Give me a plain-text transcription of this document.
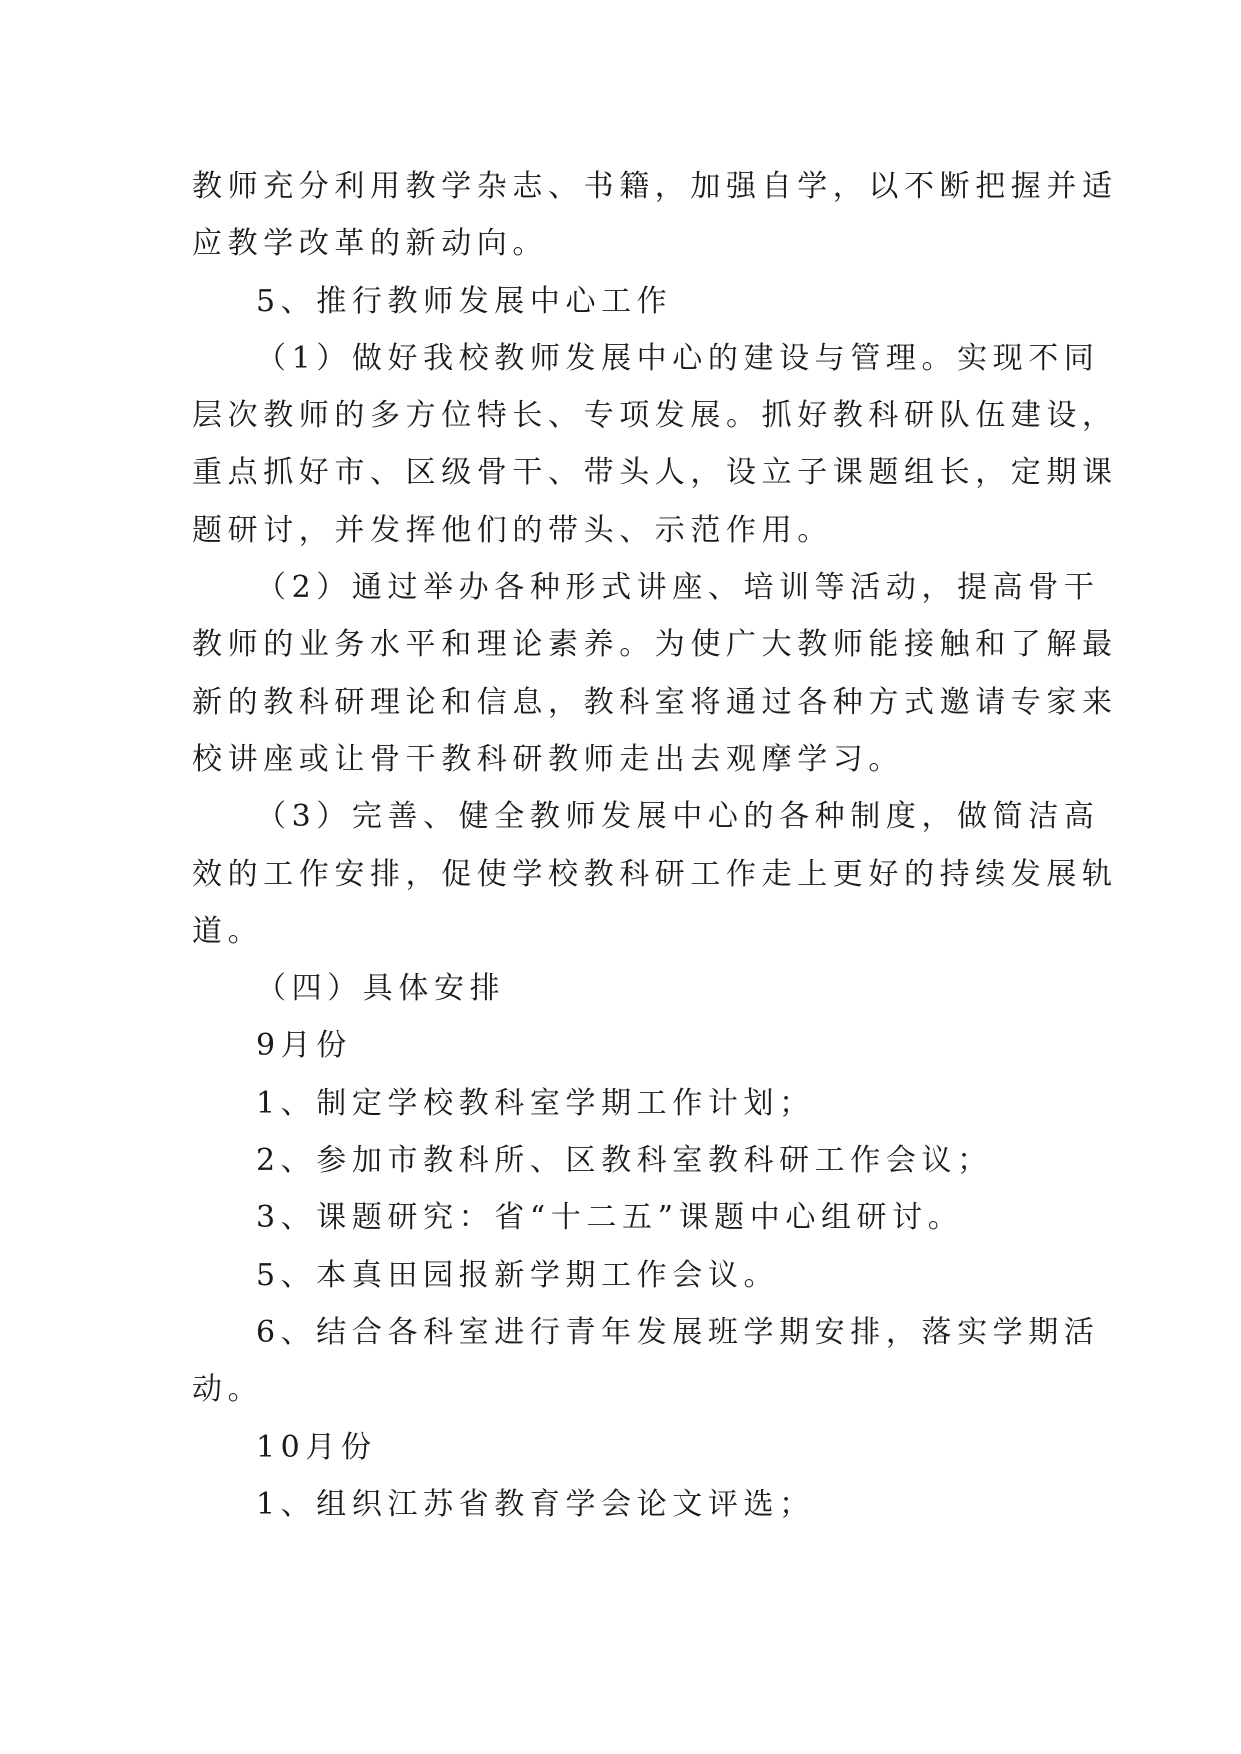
教师充分利用教学杂志、书籍，加强自学，以不断把握并适
应教学改革的新动向。
5、推行教师发展中心工作
（1）做好我校教师发展中心的建设与管理。实现不同
层次教师的多方位特长、专项发展。抓好教科研队伍建设，
重点抓好市、区级骨干、带头人，设立子课题组长，定期课
题研讨，并发挥他们的带头、示范作用。
（2）通过举办各种形式讲座、培训等活动，提高骨干
教师的业务水平和理论素养。为使广大教师能接触和了解最
新的教科研理论和信息，教科室将通过各种方式邀请专家来
校讲座或让骨干教科研教师走出去观摩学习。
（3）完善、健全教师发展中心的各种制度，做简洁高
效的工作安排，促使学校教科研工作走上更好的持续发展轨
道。
（四）具体安排
9月份
1、制定学校教科室学期工作计划；
2、参加市教科所、区教科室教科研工作会议；
3、课题研究：省“十二五”课题中心组研讨。
5、本真田园报新学期工作会议。
6、结合各科室进行青年发展班学期安排，落实学期活
动。
10月份
1、组织江苏省教育学会论文评选；
